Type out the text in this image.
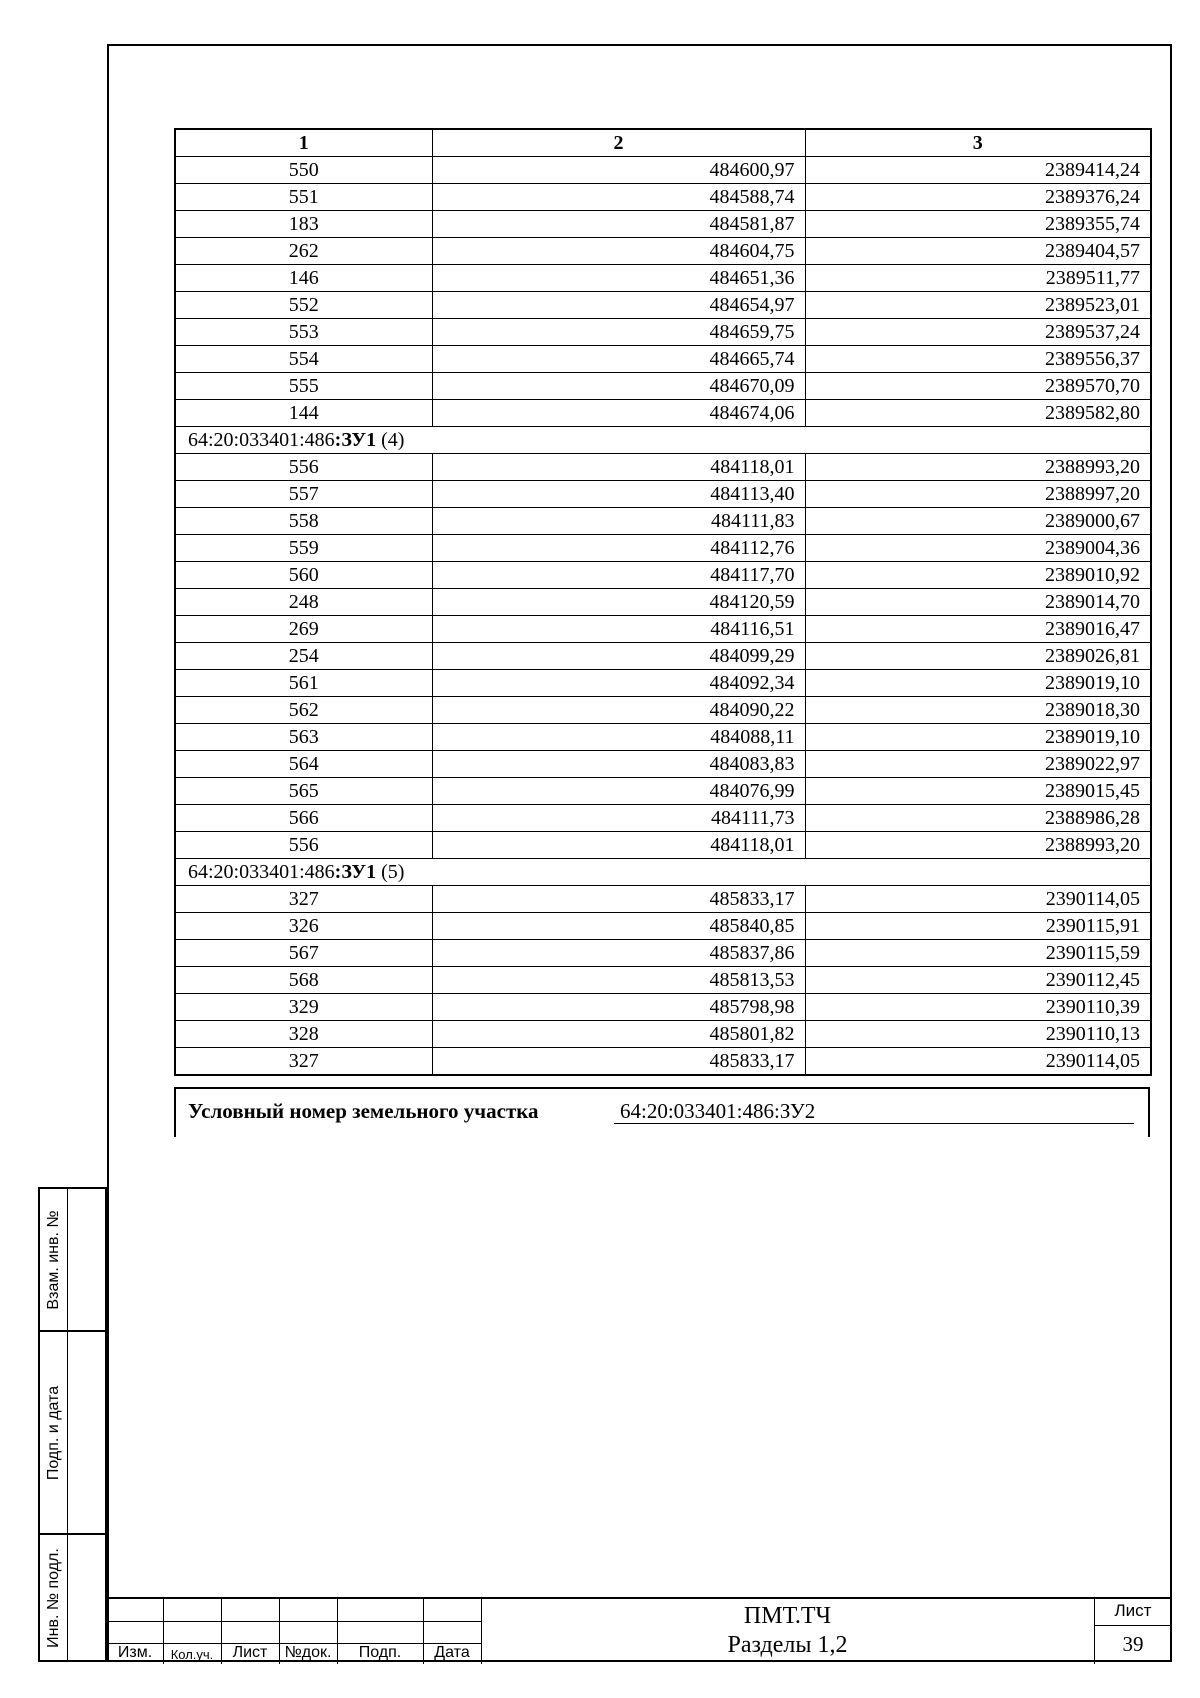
1	2	3
550	484600,97	2389414,24
551	484588,74	2389376,24
183	484581,87	2389355,74
262	484604,75	2389404,57
146	484651,36	2389511,77
552	484654,97	2389523,01
553	484659,75	2389537,24
554	484665,74	2389556,37
555	484670,09	2389570,70
144	484674,06	2389582,80
64:20:033401:486:ЗУ1 (4)		
556	484118,01	2388993,20
557	484113,40	2388997,20
558	484111,83	2389000,67
559	484112,76	2389004,36
560	484117,70	2389010,92
248	484120,59	2389014,70
269	484116,51	2389016,47
254	484099,29	2389026,81
561	484092,34	2389019,10
562	484090,22	2389018,30
563	484088,11	2389019,10
564	484083,83	2389022,97
565	484076,99	2389015,45
566	484111,73	2388986,28
556	484118,01	2388993,20
64:20:033401:486:ЗУ1 (5)		
327	485833,17	2390114,05
326	485840,85	2390115,91
567	485837,86	2390115,59
568	485813,53	2390112,45
329	485798,98	2390110,39
328	485801,82	2390110,13
327	485833,17	2390114,05
Условный номер земельного участка	64:20:033401:486:ЗУ2
Взам. инв. №
Подп. и дата
Инв. № подл.
Изм.	Кол.уч.	Лист	№док.	Подп.	Дата
ПМТ.ТЧ
Разделы 1,2
Лист
39
